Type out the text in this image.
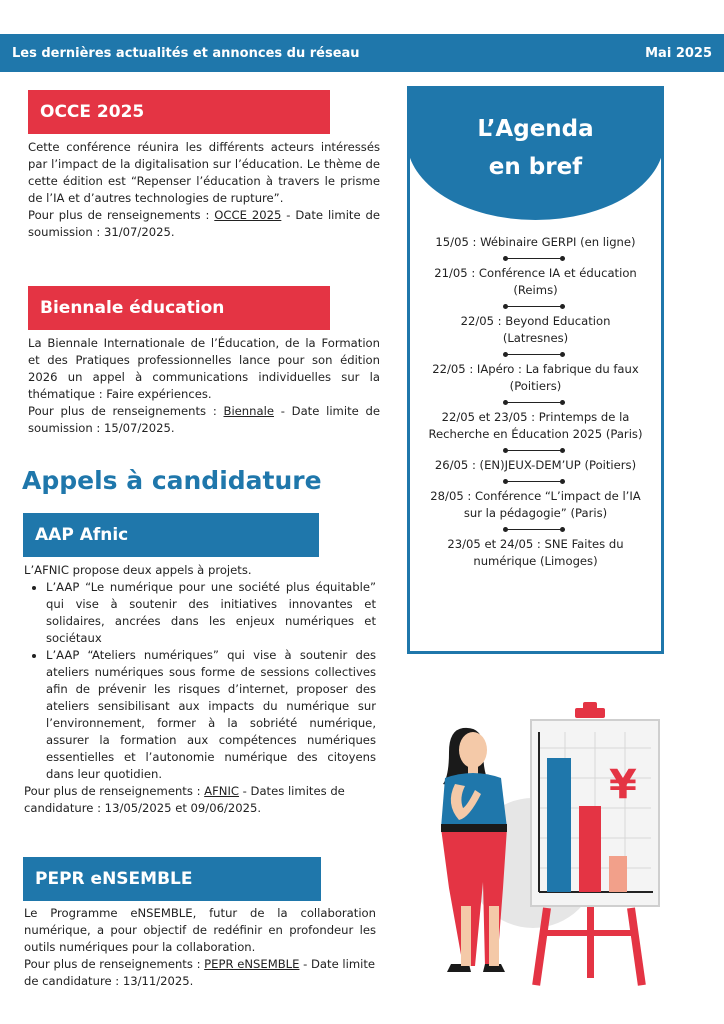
Les dernières actualités et annonces du réseau	Mai 2025
OCCE 2025

Cette conférence réunira les différents acteurs intéressés par l’impact de la digitalisation sur l’éducation. Le thème de cette édition est “Repenser l’éducation à travers le prisme de l’IA et d’autres technologies de rupture”.

Pour plus de renseignements : OCCE 2025 - Date limite de soumission : 31/07/2025.

Biennale éducation

La Biennale Internationale de l’Éducation, de la Formation et des Pratiques professionnelles lance pour son édition 2026 un appel à communications individuelles sur la thématique : Faire expériences.

Pour plus de renseignements : Biennale - Date limite de soumission : 15/07/2025.

Appels à candidature
AAP Afnic

L’AFNIC propose deux appels à projets.

• L’AAP “Le numérique pour une société plus équitable” qui vise à soutenir des initiatives innovantes et solidaires, ancrées dans les enjeux numériques et sociétaux
• L’AAP “Ateliers numériques” qui vise à soutenir des ateliers numériques sous forme de sessions collectives afin de prévenir les risques d’internet, proposer des ateliers sensibilisant aux impacts du numérique sur l’environnement, former à la sobriété numérique, assurer la formation aux compétences numériques essentielles et l’autonomie numérique des citoyens dans leur quotidien.

Pour plus de renseignements : AFNIC - Dates limites de candidature : 13/05/2025 et 09/06/2025.

PEPR eNSEMBLE

Le Programme eNSEMBLE, futur de la collaboration numérique, a pour objectif de redéfinir en profondeur les outils numériques pour la collaboration.

Pour plus de renseignements : PEPR eNSEMBLE - Date limite de candidature : 13/11/2025.

L’Agenda
en bref
15/05 : Wébinaire GERPI (en ligne)
21/05 : Conférence IA et éducation (Reims)
22/05 : Beyond Education (Latresnes)
22/05 : IApéro : La fabrique du faux (Poitiers)
22/05 et 23/05 : Printemps de la Recherche en Éducation 2025 (Paris)
26/05 : (EN)JEUX-DEM’UP (Poitiers)
28/05 : Conférence “L’impact de l’IA sur la pédagogie” (Paris)
23/05 et 24/05 : SNE Faites du numérique (Limoges)
¥
